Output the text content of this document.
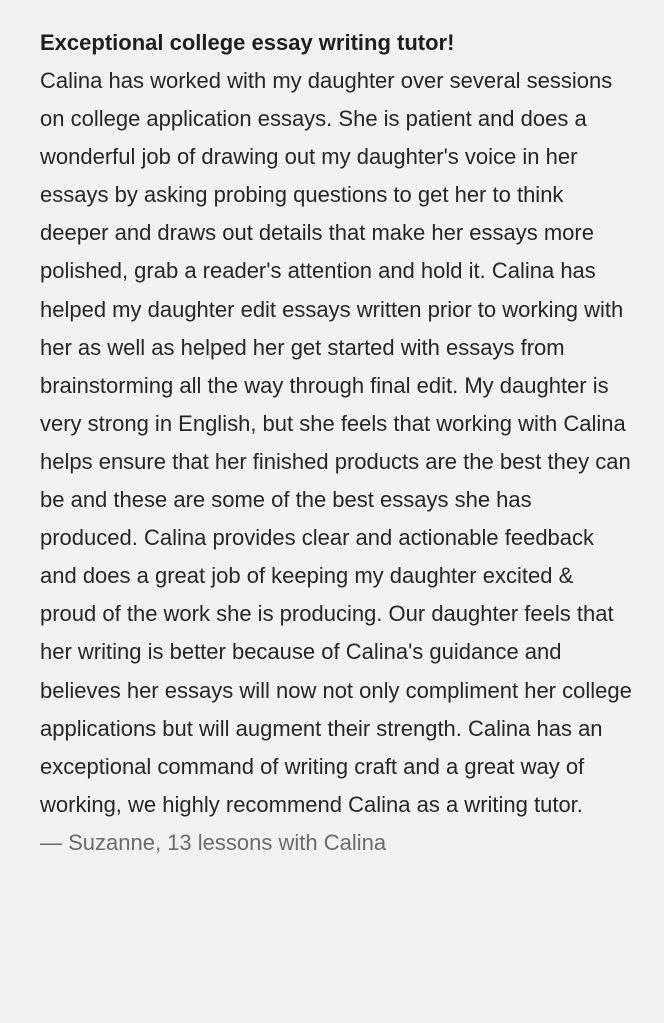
Exceptional college essay writing tutor!

Calina has worked with my daughter over several sessions on college application essays. She is patient and does a wonderful job of drawing out my daughter's voice in her essays by asking probing questions to get her to think deeper and draws out details that make her essays more polished, grab a reader's attention and hold it. Calina has helped my daughter edit essays written prior to working with her as well as helped her get started with essays from brainstorming all the way through final edit. My daughter is very strong in English, but she feels that working with Calina helps ensure that her finished products are the best they can be and these are some of the best essays she has produced. Calina provides clear and actionable feedback and does a great job of keeping my daughter excited & proud of the work she is producing. Our daughter feels that her writing is better because of Calina's guidance and believes her essays will now not only compliment her college applications but will augment their strength. Calina has an exceptional command of writing craft and a great way of working, we highly recommend Calina as a writing tutor.

— Suzanne, 13 lessons with Calina
